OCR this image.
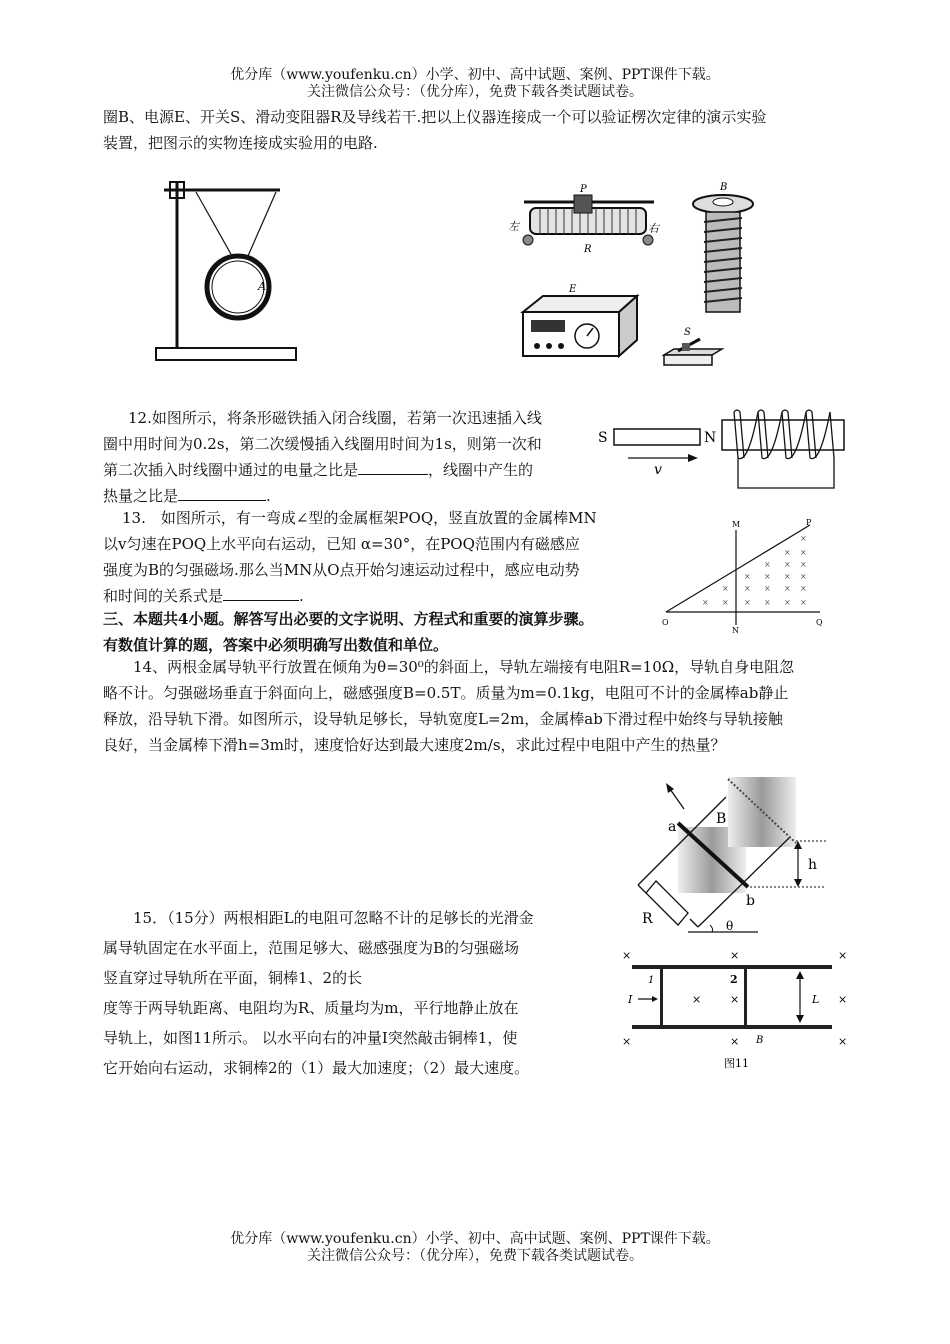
优分库（www.youfenku.cn）小学、初中、高中试题、案例、PPT课件下载。
关注微信公众号：（优分库），免费下载各类试题试卷。
圈B、电源E、开关S、滑动变阻器R及导线若干.把以上仪器连接成一个可以验证楞次定律的演示实验
装置，把图示的实物连接成实验用的电路.
A
左	右
P
R
B
E
S
12.如图所示，将条形磁铁插入闭合线圈，若第一次迅速插入线
圈中用时间为0.2s，第二次缓慢插入线圈用时间为1s，则第一次和
第二次插入时线圈中通过的电量之比是	，线圈中产生的
热量之比是	.
S	N
v
13.　如图所示，有一弯成∠型的金属框架POQ，竖直放置的金属棒MN
以v匀速在POQ上水平向右运动，已知 α=30°，在POQ范围内有磁感应
强度为B的匀强磁场.那么当MN从O点开始匀速运动过程中，感应电动势
和时间的关系式是	.
P
M
N
O	Q
×
× ×
× × ×
× × × ×
× × × × ×
× × × × × ×
三、本题共4小题。解答写出必要的文字说明、方程式和重要的演算步骤。
有数值计算的题，答案中必须明确写出数值和单位。
14、两根金属导轨平行放置在倾角为θ=30⁰的斜面上，导轨左端接有电阻R=10Ω，导轨自身电阻忽
略不计。匀强磁场垂直于斜面向上，磁感强度B=0.5T。质量为m=0.1kg，电阻可不计的金属棒ab静止
释放，沿导轨下滑。如图所示，设导轨足够长，导轨宽度L=2m，金属棒ab下滑过程中始终与导轨接触
良好，当金属棒下滑h=3m时，速度恰好达到最大速度2m/s，求此过程中电阻中产生的热量？
a	B
b
h
R	θ
15．（15分）两根相距L的电阻可忽略不计的足够长的光滑金
属导轨固定在水平面上，范围足够大、磁感强度为B的匀强磁场
竖直穿过导轨所在平面，铜棒1、2的长
度等于两导轨距离、电阻均为R、质量均为m，平行地静止放在
导轨上，如图11所示。 以水平向右的冲量I突然敲击铜棒1，使
它开始向右运动，求铜棒2的（1）最大加速度；（2）最大速度。
1	2
I	L
B
×	×	×
×	×	×
×	×	×
图11
优分库（www.youfenku.cn）小学、初中、高中试题、案例、PPT课件下载。
关注微信公众号：（优分库），免费下载各类试题试卷。
